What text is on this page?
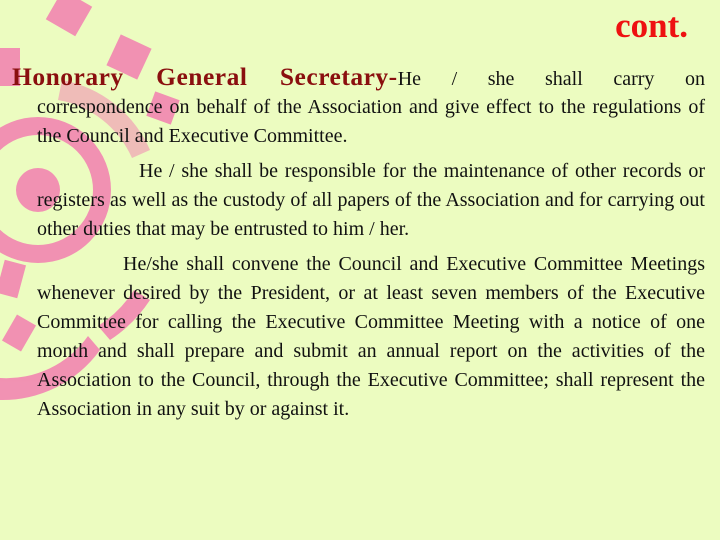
cont.

Honorary General Secretary-He / she shall carry on

correspondence on behalf of the Association and give effect to the regulations of the Council and Executive Committee.
He / she shall be responsible for the maintenance of other records or registers as well as the custody of all papers of the Association and for carrying out other duties that may be entrusted to him / her.
He/she shall convene the Council and Executive Committee Meetings whenever desired by the President, or at least seven members of the Executive Committee for calling the Executive Committee Meeting with a notice of one month and shall prepare and submit an annual report on the activities of the Association to the Council, through the Executive Committee; shall represent the Association in any suit by or against it.
